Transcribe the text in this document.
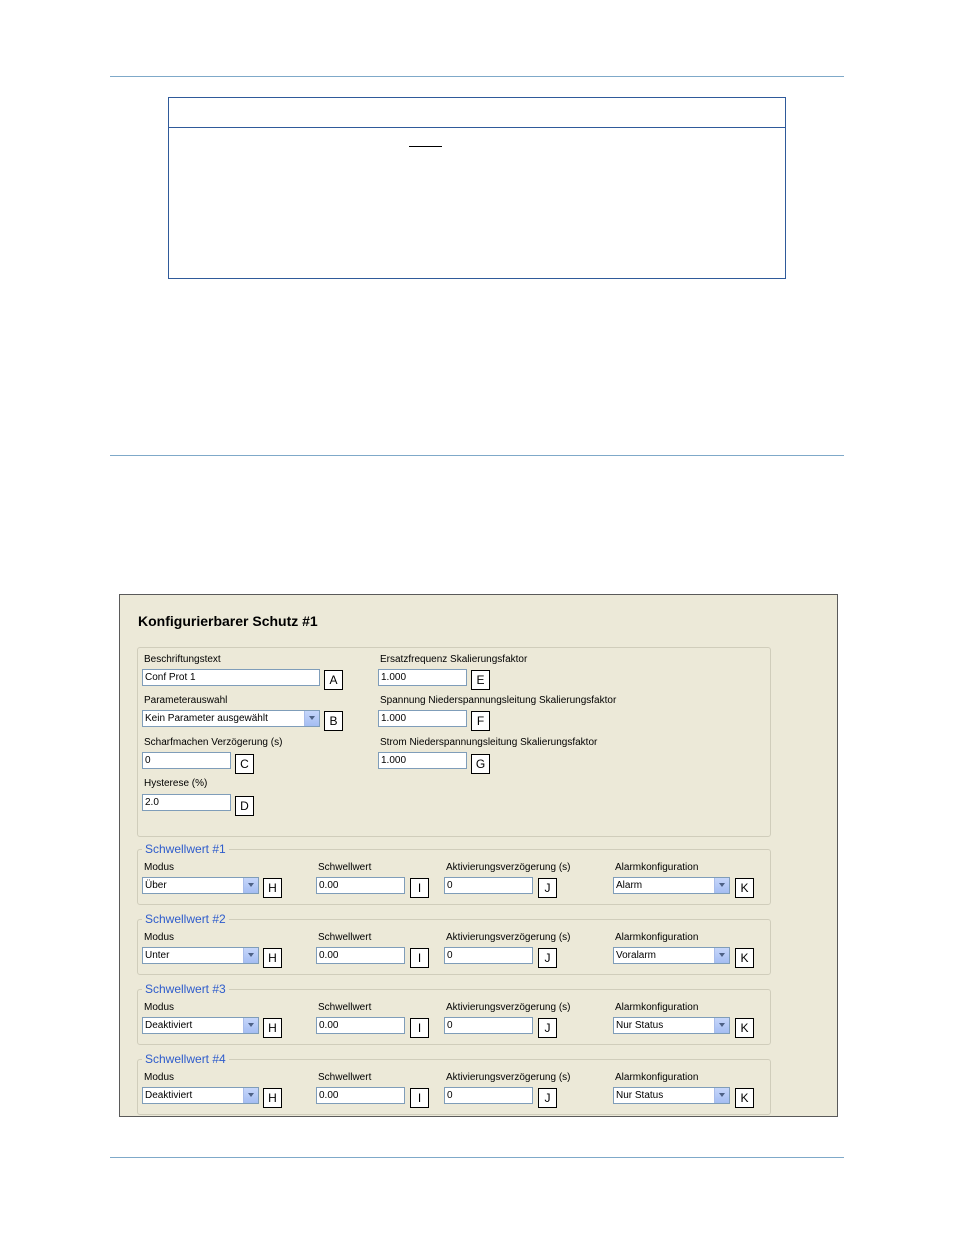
Konfigurierbarer Schutz #1
Beschriftungstext
Conf Prot 1	A
Parameterauswahl
Kein Parameter ausgewählt	B
Scharfmachen Verzögerung (s)
0	C
Hysterese (%)
2.0	D
Ersatzfrequenz Skalierungsfaktor
1.000	E
Spannung Niederspannungsleitung Skalierungsfaktor
1.000	F
Strom Niederspannungsleitung Skalierungsfaktor
1.000	G
Schwellwert #1
Modus
Über	H
Schwellwert
0.00	I
Aktivierungsverzögerung (s)
0	J
Alarmkonfiguration
Alarm	K
Schwellwert #2
Modus
Unter	H
Schwellwert
0.00	I
Aktivierungsverzögerung (s)
0	J
Alarmkonfiguration
Voralarm	K
Schwellwert #3
Modus
Deaktiviert	H
Schwellwert
0.00	I
Aktivierungsverzögerung (s)
0	J
Alarmkonfiguration
Nur Status	K
Schwellwert #4
Modus
Deaktiviert	H
Schwellwert
0.00	I
Aktivierungsverzögerung (s)
0	J
Alarmkonfiguration
Nur Status	K
